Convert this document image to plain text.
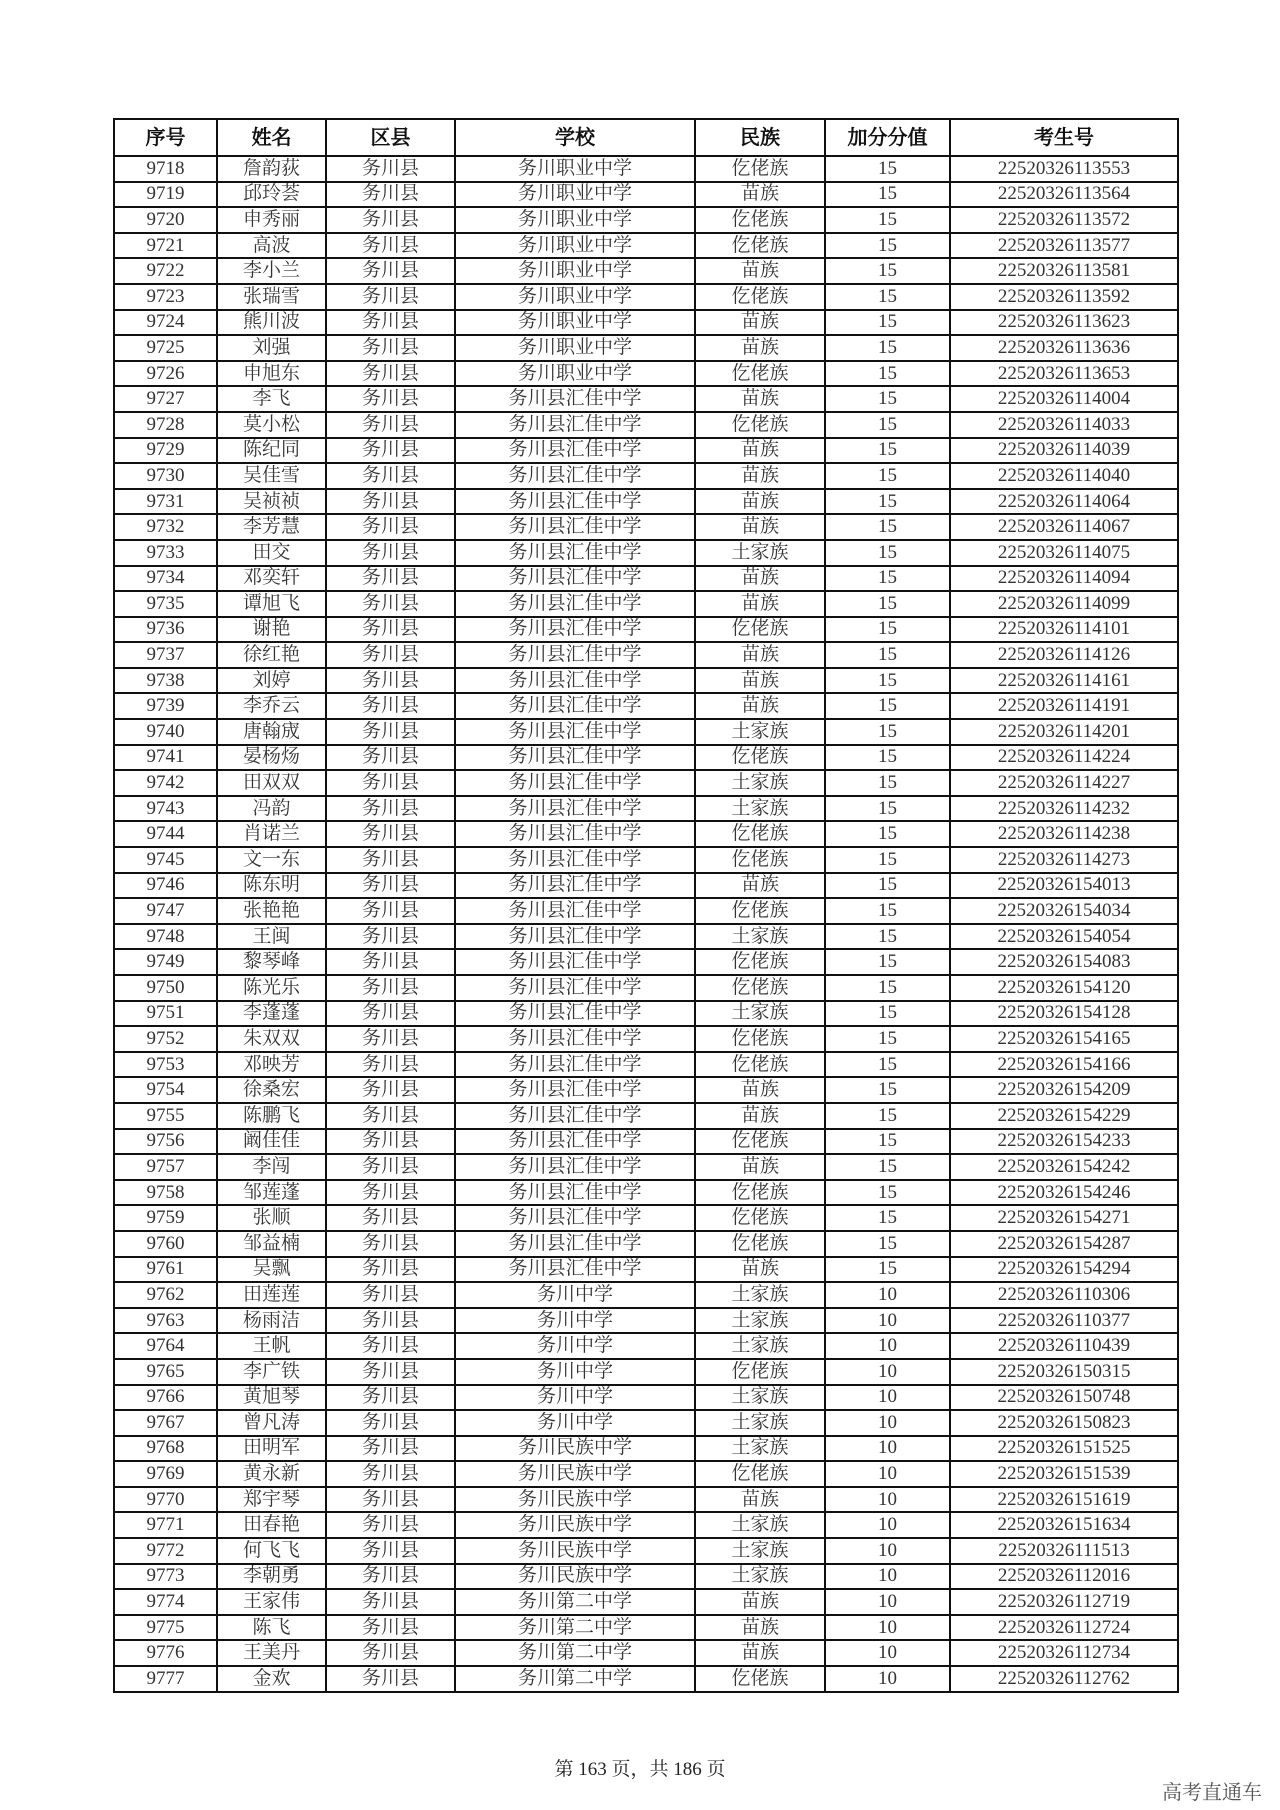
序号	姓名	区县	学校	民族	加分分值	考生号
9718	詹韵荻	务川县	务川职业中学	仡佬族	15	22520326113553
9719	邱玲荟	务川县	务川职业中学	苗族	15	22520326113564
9720	申秀丽	务川县	务川职业中学	仡佬族	15	22520326113572
9721	高波	务川县	务川职业中学	仡佬族	15	22520326113577
9722	李小兰	务川县	务川职业中学	苗族	15	22520326113581
9723	张瑞雪	务川县	务川职业中学	仡佬族	15	22520326113592
9724	熊川波	务川县	务川职业中学	苗族	15	22520326113623
9725	刘强	务川县	务川职业中学	苗族	15	22520326113636
9726	申旭东	务川县	务川职业中学	仡佬族	15	22520326113653
9727	李飞	务川县	务川县汇佳中学	苗族	15	22520326114004
9728	莫小松	务川县	务川县汇佳中学	仡佬族	15	22520326114033
9729	陈纪同	务川县	务川县汇佳中学	苗族	15	22520326114039
9730	吴佳雪	务川县	务川县汇佳中学	苗族	15	22520326114040
9731	吴祯祯	务川县	务川县汇佳中学	苗族	15	22520326114064
9732	李芳慧	务川县	务川县汇佳中学	苗族	15	22520326114067
9733	田交	务川县	务川县汇佳中学	土家族	15	22520326114075
9734	邓奕轩	务川县	务川县汇佳中学	苗族	15	22520326114094
9735	谭旭飞	务川县	务川县汇佳中学	苗族	15	22520326114099
9736	谢艳	务川县	务川县汇佳中学	仡佬族	15	22520326114101
9737	徐红艳	务川县	务川县汇佳中学	苗族	15	22520326114126
9738	刘婷	务川县	务川县汇佳中学	苗族	15	22520326114161
9739	李乔云	务川县	务川县汇佳中学	苗族	15	22520326114191
9740	唐翰宬	务川县	务川县汇佳中学	土家族	15	22520326114201
9741	晏杨炀	务川县	务川县汇佳中学	仡佬族	15	22520326114224
9742	田双双	务川县	务川县汇佳中学	土家族	15	22520326114227
9743	冯韵	务川县	务川县汇佳中学	土家族	15	22520326114232
9744	肖诺兰	务川县	务川县汇佳中学	仡佬族	15	22520326114238
9745	文一东	务川县	务川县汇佳中学	仡佬族	15	22520326114273
9746	陈东明	务川县	务川县汇佳中学	苗族	15	22520326154013
9747	张艳艳	务川县	务川县汇佳中学	仡佬族	15	22520326154034
9748	王闽	务川县	务川县汇佳中学	土家族	15	22520326154054
9749	黎琴峰	务川县	务川县汇佳中学	仡佬族	15	22520326154083
9750	陈光乐	务川县	务川县汇佳中学	仡佬族	15	22520326154120
9751	李蓬蓬	务川县	务川县汇佳中学	土家族	15	22520326154128
9752	朱双双	务川县	务川县汇佳中学	仡佬族	15	22520326154165
9753	邓映芳	务川县	务川县汇佳中学	仡佬族	15	22520326154166
9754	徐桑宏	务川县	务川县汇佳中学	苗族	15	22520326154209
9755	陈鹏飞	务川县	务川县汇佳中学	苗族	15	22520326154229
9756	阚佳佳	务川县	务川县汇佳中学	仡佬族	15	22520326154233
9757	李闯	务川县	务川县汇佳中学	苗族	15	22520326154242
9758	邹莲蓬	务川县	务川县汇佳中学	仡佬族	15	22520326154246
9759	张顺	务川县	务川县汇佳中学	仡佬族	15	22520326154271
9760	邹益楠	务川县	务川县汇佳中学	仡佬族	15	22520326154287
9761	吴飘	务川县	务川县汇佳中学	苗族	15	22520326154294
9762	田莲莲	务川县	务川中学	土家族	10	22520326110306
9763	杨雨洁	务川县	务川中学	土家族	10	22520326110377
9764	王帆	务川县	务川中学	土家族	10	22520326110439
9765	李广铁	务川县	务川中学	仡佬族	10	22520326150315
9766	黄旭琴	务川县	务川中学	土家族	10	22520326150748
9767	曾凡涛	务川县	务川中学	土家族	10	22520326150823
9768	田明军	务川县	务川民族中学	土家族	10	22520326151525
9769	黄永新	务川县	务川民族中学	仡佬族	10	22520326151539
9770	郑宇琴	务川县	务川民族中学	苗族	10	22520326151619
9771	田春艳	务川县	务川民族中学	土家族	10	22520326151634
9772	何飞飞	务川县	务川民族中学	土家族	10	22520326111513
9773	李朝勇	务川县	务川民族中学	土家族	10	22520326112016
9774	王家伟	务川县	务川第二中学	苗族	10	22520326112719
9775	陈飞	务川县	务川第二中学	苗族	10	22520326112724
9776	王美丹	务川县	务川第二中学	苗族	10	22520326112734
9777	金欢	务川县	务川第二中学	仡佬族	10	22520326112762
第 163 页，共 186 页
高考直通车
